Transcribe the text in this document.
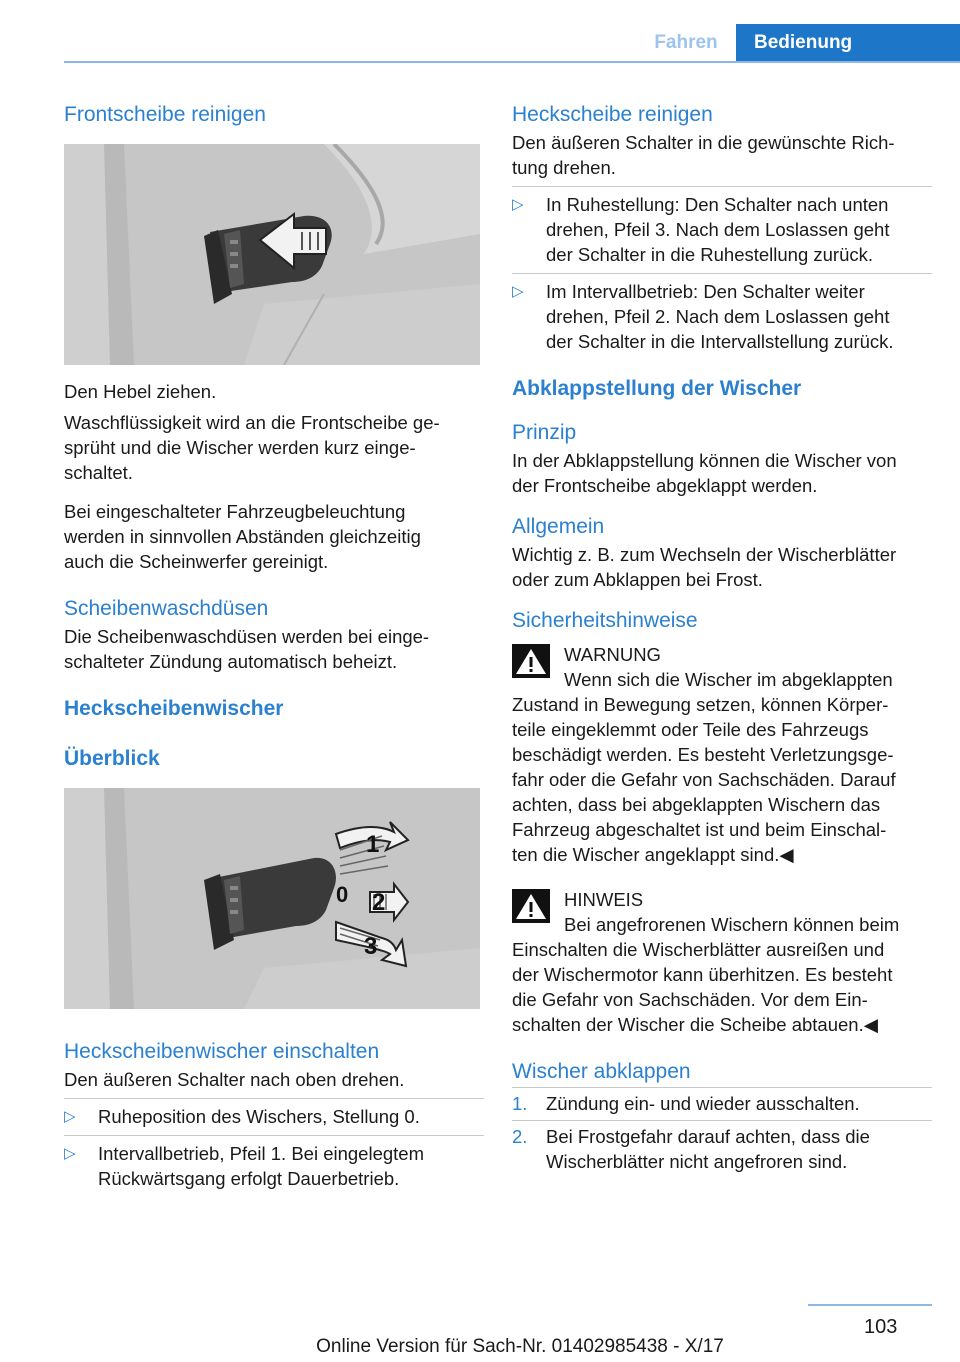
Fahren	Bedienung
Frontscheibe reinigen

Den Hebel ziehen.

Waschflüssigkeit wird an die Frontscheibe ge-
sprüht und die Wischer werden kurz einge-
schaltet.

Bei eingeschalteter Fahrzeugbeleuchtung
werden in sinnvollen Abständen gleichzeitig
auch die Scheinwerfer gereinigt.

Scheibenwaschdüsen

Die Scheibenwaschdüsen werden bei einge-
schalteter Zündung automatisch beheizt.

Heckscheibenwischer
Überblick
1
0 2
3
Heckscheibenwischer einschalten

Den äußeren Schalter nach oben drehen.

▷ Ruheposition des Wischers, Stellung 0.
▷ Intervallbetrieb, Pfeil 1. Bei eingelegtem
Rückwärtsgang erfolgt Dauerbetrieb.
Heckscheibe reinigen

Den äußeren Schalter in die gewünschte Rich-
tung drehen.

▷ In Ruhestellung: Den Schalter nach unten
drehen, Pfeil 3. Nach dem Loslassen geht
der Schalter in die Ruhestellung zurück.
▷ Im Intervallbetrieb: Den Schalter weiter
drehen, Pfeil 2. Nach dem Loslassen geht
der Schalter in die Intervallstellung zurück.
Abklappstellung der Wischer
Prinzip

In der Abklappstellung können die Wischer von
der Frontscheibe abgeklappt werden.

Allgemein

Wichtig z. B. zum Wechseln der Wischerblätter
oder zum Abklappen bei Frost.

Sicherheitshinweise
WARNUNG
Wenn sich die Wischer im abgeklappten
Zustand in Bewegung setzen, können Körper-
teile eingeklemmt oder Teile des Fahrzeugs
beschädigt werden. Es besteht Verletzungsge-
fahr oder die Gefahr von Sachschäden. Darauf
achten, dass bei abgeklappten Wischern das
Fahrzeug abgeschaltet ist und beim Einschal-
ten die Wischer angeklappt sind.◀
HINWEIS
Bei angefrorenen Wischern können beim
Einschalten die Wischerblätter ausreißen und
der Wischermotor kann überhitzen. Es besteht
die Gefahr von Sachschäden. Vor dem Ein-
schalten der Wischer die Scheibe abtauen.◀
Wischer abklappen
1. Zündung ein- und wieder ausschalten.
2. Bei Frostgefahr darauf achten, dass die
Wischerblätter nicht angefroren sind.
103
Online Version für Sach-Nr. 01402985438 - X/17
